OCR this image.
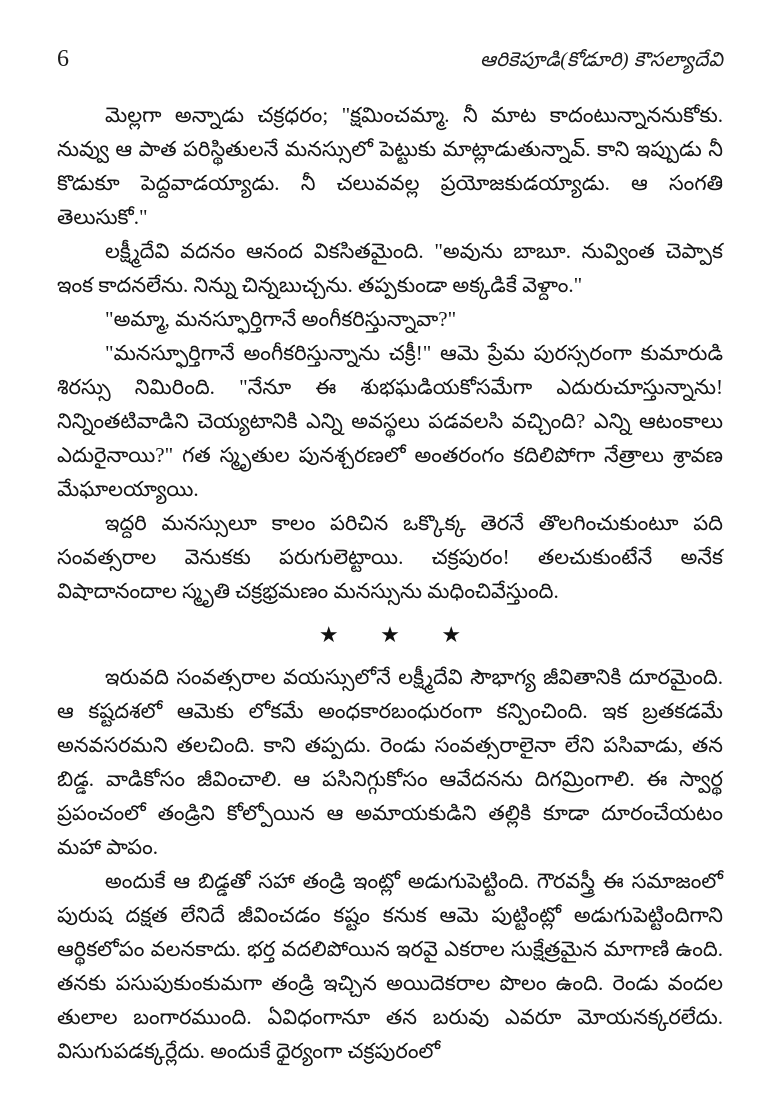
6	ఆరికెపూడి(కోడూరి) కౌసల్యాదేవి

మెల్లగా అన్నాడు చక్రధరం; "క్షమించమ్మా. నీ మాట కాదంటున్నాననుకోకు. నువ్వు ఆ పాత పరిస్థితులనే మనస్సులో పెట్టుకు మాట్లాడుతున్నావ్. కాని ఇప్పుడు నీ కొడుకూ పెద్దవాడయ్యాడు. నీ చలువవల్ల ప్రయోజకుడయ్యాడు. ఆ సంగతి తెలుసుకో."

లక్ష్మీదేవి వదనం ఆనంద వికసితమైంది. "అవును బాబూ. నువ్వింత చెప్పాక ఇంక కాదనలేను. నిన్ను చిన్నబుచ్చను. తప్పకుండా అక్కడికే వెళ్దాం."

"అమ్మా, మనస్ఫూర్తిగానే అంగీకరిస్తున్నావా?"

"మనస్ఫూర్తిగానే అంగీకరిస్తున్నాను చక్రీ!" ఆమె ప్రేమ పురస్సరంగా కుమారుడి శిరస్సు నిమిరింది. "నేనూ ఈ శుభఘడియకోసమేగా ఎదురుచూస్తున్నాను! నిన్నింతటివాడిని చెయ్యటానికి ఎన్ని అవస్థలు పడవలసి వచ్చింది? ఎన్ని ఆటంకాలు ఎదురైనాయి?" గత స్మృతుల పునశ్చరణలో అంతరంగం కదిలిపోగా నేత్రాలు శ్రావణ మేఘాలయ్యాయి.

ఇద్దరి మనస్సులూ కాలం పరిచిన ఒక్కొక్క తెరనే తొలగించుకుంటూ పది సంవత్సరాల వెనుకకు పరుగులెట్టాయి. చక్రపురం! తలచుకుంటేనే అనేక విషాదానందాల స్మృతి చక్రభ్రమణం మనస్సును మధించివేస్తుంది.

★ ★ ★

ఇరువది సంవత్సరాల వయస్సులోనే లక్ష్మీదేవి సౌభాగ్య జీవితానికి దూరమైంది. ఆ కష్టదశలో ఆమెకు లోకమే అంధకారబంధురంగా కన్పించింది. ఇక బ్రతకడమే అనవసరమని తలచింది. కాని తప్పదు. రెండు సంవత్సరాలైనా లేని పసివాడు, తన బిడ్డ. వాడికోసం జీవించాలి. ఆ పసినిగ్గుకోసం ఆవేదనను దిగమ్రింగాలి. ఈ స్వార్థ ప్రపంచంలో తండ్రిని కోల్పోయిన ఆ అమాయకుడిని తల్లికి కూడా దూరంచేయటం మహా పాపం.

అందుకే ఆ బిడ్డతో సహా తండ్రి ఇంట్లో అడుగుపెట్టింది. గౌరవస్త్రీ ఈ సమాజంలో పురుష దక్షత లేనిదే జీవించడం కష్టం కనుక ఆమె పుట్టింట్లో అడుగుపెట్టిందిగాని ఆర్థికలోపం వలనకాదు. భర్త వదలిపోయిన ఇరవై ఎకరాల సుక్షేత్రమైన మాగాణి ఉంది. తనకు పసుపుకుంకుమగా తండ్రి ఇచ్చిన అయిదెకరాల పొలం ఉంది. రెండు వందల తులాల బంగారముంది. ఏవిధంగానూ తన బరువు ఎవరూ మోయనక్కరలేదు. విసుగుపడక్కర్లేదు. అందుకే ధైర్యంగా చక్రపురంలో
